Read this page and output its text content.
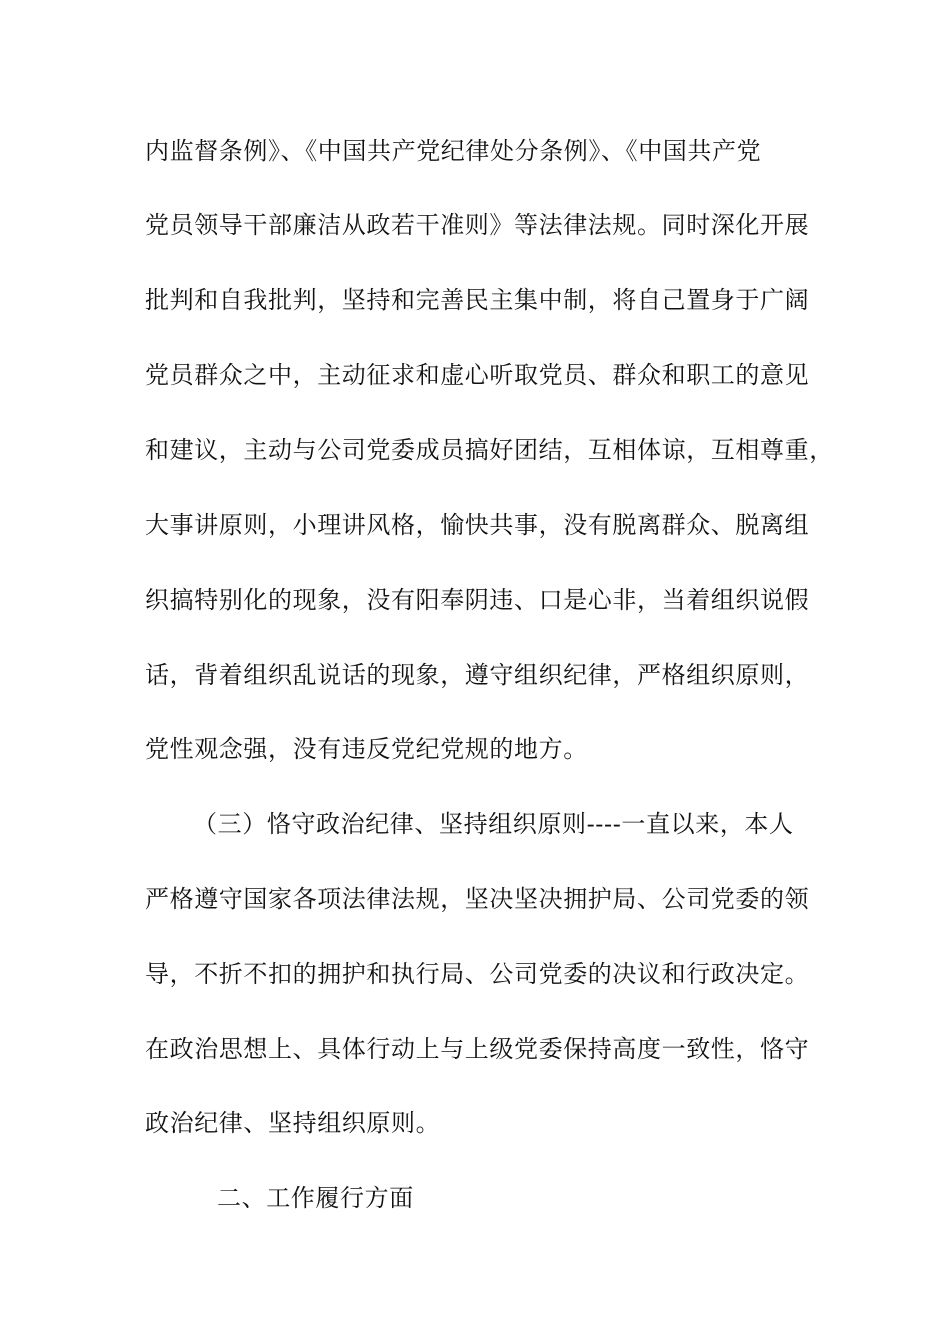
内监督条例》、《中国共产党纪律处分条例》、《中国共产党

党员领导干部廉洁从政若干准则》等法律法规。同时深化开展

批判和自我批判，坚持和完善民主集中制，将自己置身于广阔

党员群众之中，主动征求和虚心听取党员、群众和职工的意见

和建议，主动与公司党委成员搞好团结，互相体谅，互相尊重，

大事讲原则，小理讲风格，愉快共事，没有脱离群众、脱离组

织搞特别化的现象，没有阳奉阴违、口是心非，当着组织说假

话，背着组织乱说话的现象，遵守组织纪律，严格组织原则，

党性观念强，没有违反党纪党规的地方。

（三）恪守政治纪律、坚持组织原则----一直以来，本人

严格遵守国家各项法律法规，坚决坚决拥护局、公司党委的领

导，不折不扣的拥护和执行局、公司党委的决议和行政决定。

在政治思想上、具体行动上与上级党委保持高度一致性，恪守

政治纪律、坚持组织原则。

二、工作履行方面
